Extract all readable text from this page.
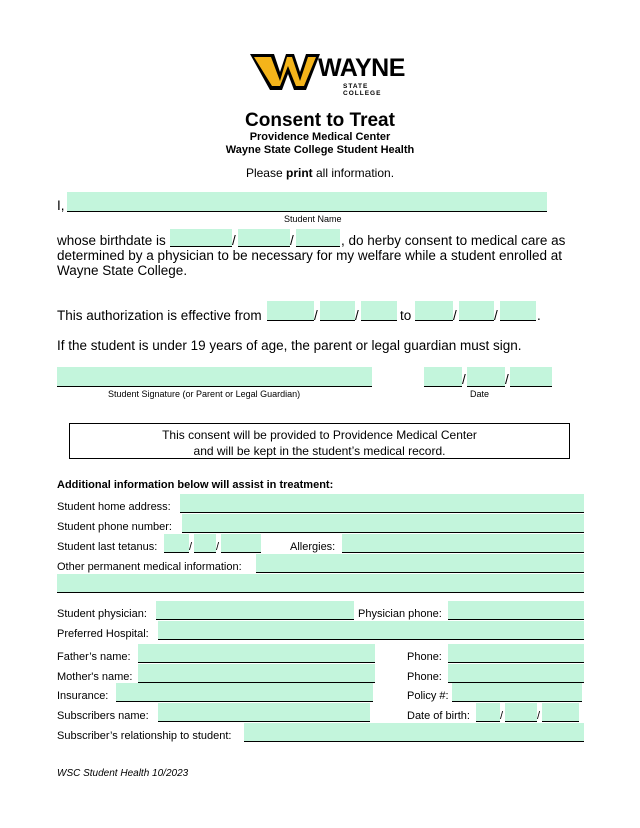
WAYNE
STATE COLLEGE
Consent to Treat
Providence Medical Center
Wayne State College Student Health
Please print all information.
I,
Student Name
whose birthdate is	/	/	, do herby consent to medical care as
determined by a physician to be necessary for my welfare while a student enrolled at
Wayne State College.
This authorization is effective from	/	/	to	/	/	.
If the student is under 19 years of age, the parent or legal guardian must sign.
Student Signature (or Parent or Legal Guardian)
/	/
Date
This consent will be provided to Providence Medical Center
and will be kept in the student’s medical record.
Additional information below will assist in treatment:
Student home address:
Student phone number:
Student last tetanus:	/ /	Allergies:
Other permanent medical information:
Student physician:	Physician phone:
Preferred Hospital:
Father’s name:	Phone:
Mother's name:	Phone:
Insurance:	Policy #:
Subscribers name:	Date of birth:	/	/
Subscriber’s relationship to student:
WSC Student Health 10/2023
